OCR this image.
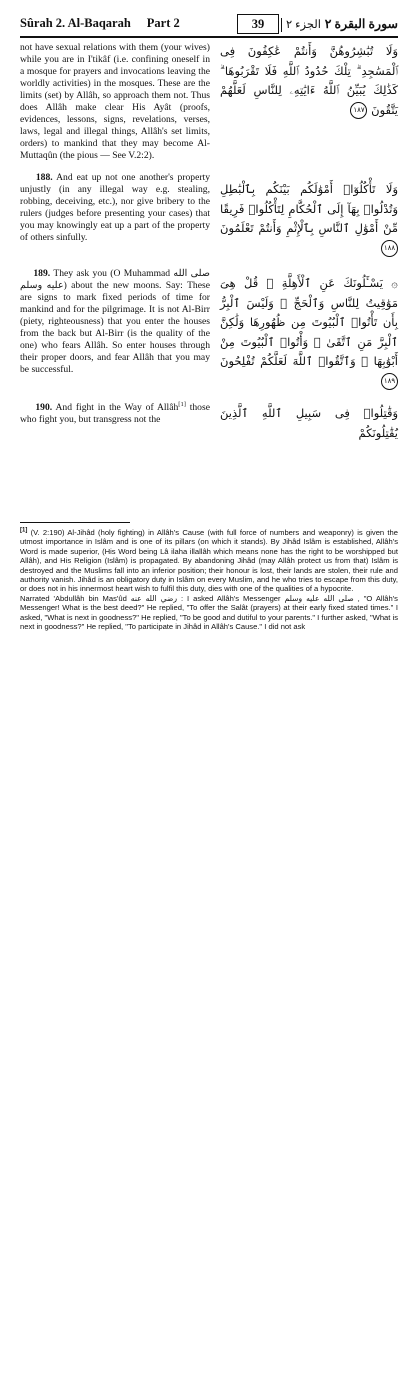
Sûrah 2. Al-Baqarah Part 2	39	الجزء ۲ سورة البقرة ۲

not have sexual relations with them (your wives) while you are in I'tikâf (i.e. confining oneself in a mosque for prayers and invocations leaving the worldly activities) in the mosques. These are the limits (set) by Allâh, so approach them not. Thus does Allâh make clear His Ayât (proofs, evidences, lessons, signs, revelations, verses, laws, legal and illegal things, Allâh's set limits, orders) to mankind that they may become Al-Muttaqûn (the pious — See V.2:2).

188. And eat up not one another's property unjustly (in any illegal way e.g. stealing, robbing, deceiving, etc.), nor give bribery to the rulers (judges before presenting your cases) that you may knowingly eat up a part of the property of others sinfully.

189. They ask you (O Muhammad صلى الله عليه وسلم) about the new moons. Say: These are signs to mark fixed periods of time for mankind and for the pilgrimage. It is not Al-Birr (piety, righteousness) that you enter the houses from the back but Al-Birr (is the quality of the one) who fears Allâh. So enter houses through their proper doors, and fear Allâh that you may be successful.

190. And fight in the Way of Allâh[1] those who fight you, but transgress not the

وَلَا تُبَٰشِرُوهُنَّ وَأَنتُمْ عَٰكِفُونَ فِى ٱلْمَسَٰجِدِ ۗ تِلْكَ حُدُودُ ٱللَّهِ فَلَا تَقْرَبُوهَا ۗ كَذَٰلِكَ يُبَيِّنُ ٱللَّهُ ءَايَٰتِهِۦ لِلنَّاسِ لَعَلَّهُمْ يَتَّقُونَ ١٨٧

وَلَا تَأْكُلُوٓا۟ أَمْوَٰلَكُم بَيْنَكُم بِٱلْبَٰطِلِ وَتُدْلُوا۟ بِهَآ إِلَى ٱلْحُكَّامِ لِتَأْكُلُوا۟ فَرِيقًا مِّنْ أَمْوَٰلِ ٱلنَّاسِ بِٱلْإِثْمِ وَأَنتُمْ تَعْلَمُونَ ١٨٨

۞ يَسْـَٔلُونَكَ عَنِ ٱلْأَهِلَّةِ ۖ قُلْ هِىَ مَوَٰقِيتُ لِلنَّاسِ وَٱلْحَجِّ ۗ وَلَيْسَ ٱلْبِرُّ بِأَن تَأْتُوا۟ ٱلْبُيُوتَ مِن ظُهُورِهَا وَلَٰكِنَّ ٱلْبِرَّ مَنِ ٱتَّقَىٰ ۗ وَأْتُوا۟ ٱلْبُيُوتَ مِنْ أَبْوَٰبِهَا ۚ وَٱتَّقُوا۟ ٱللَّهَ لَعَلَّكُمْ تُفْلِحُونَ ١٨٩

وَقَٰتِلُوا۟ فِى سَبِيلِ ٱللَّهِ ٱلَّذِينَ يُقَٰتِلُونَكُمْ

[1] (V. 2:190) Al-Jihâd (holy fighting) in Allâh's Cause (with full force of numbers and weaponry) is given the utmost importance in Islâm and is one of its pillars (on which it stands). By Jihâd Islâm is established, Allâh's Word is made superior, (His Word being Lâ ilaha illallâh which means none has the right to be worshipped but Allâh), and His Religion (Islâm) is propagated. By abandoning Jihâd (may Allâh protect us from that) Islâm is destroyed and the Muslims fall into an inferior position; their honour is lost, their lands are stolen, their rule and authority vanish. Jihâd is an obligatory duty in Islâm on every Muslim, and he who tries to escape from this duty, or does not in his innermost heart wish to fulfil this duty, dies with one of the qualities of a hypocrite.

Narrated 'Abdullâh bin Mas'ûd رضي الله عنه : I asked Allâh's Messenger صلى الله عليه وسلم , "O Allâh's Messenger! What is the best deed?" He replied, "To offer the Salât (prayers) at their early fixed stated times." I asked, "What is next in goodness?" He replied, "To be good and dutiful to your parents." I further asked, "What is next in goodness?" He replied, "To participate in Jihâd in Allâh's Cause." I did not ask
